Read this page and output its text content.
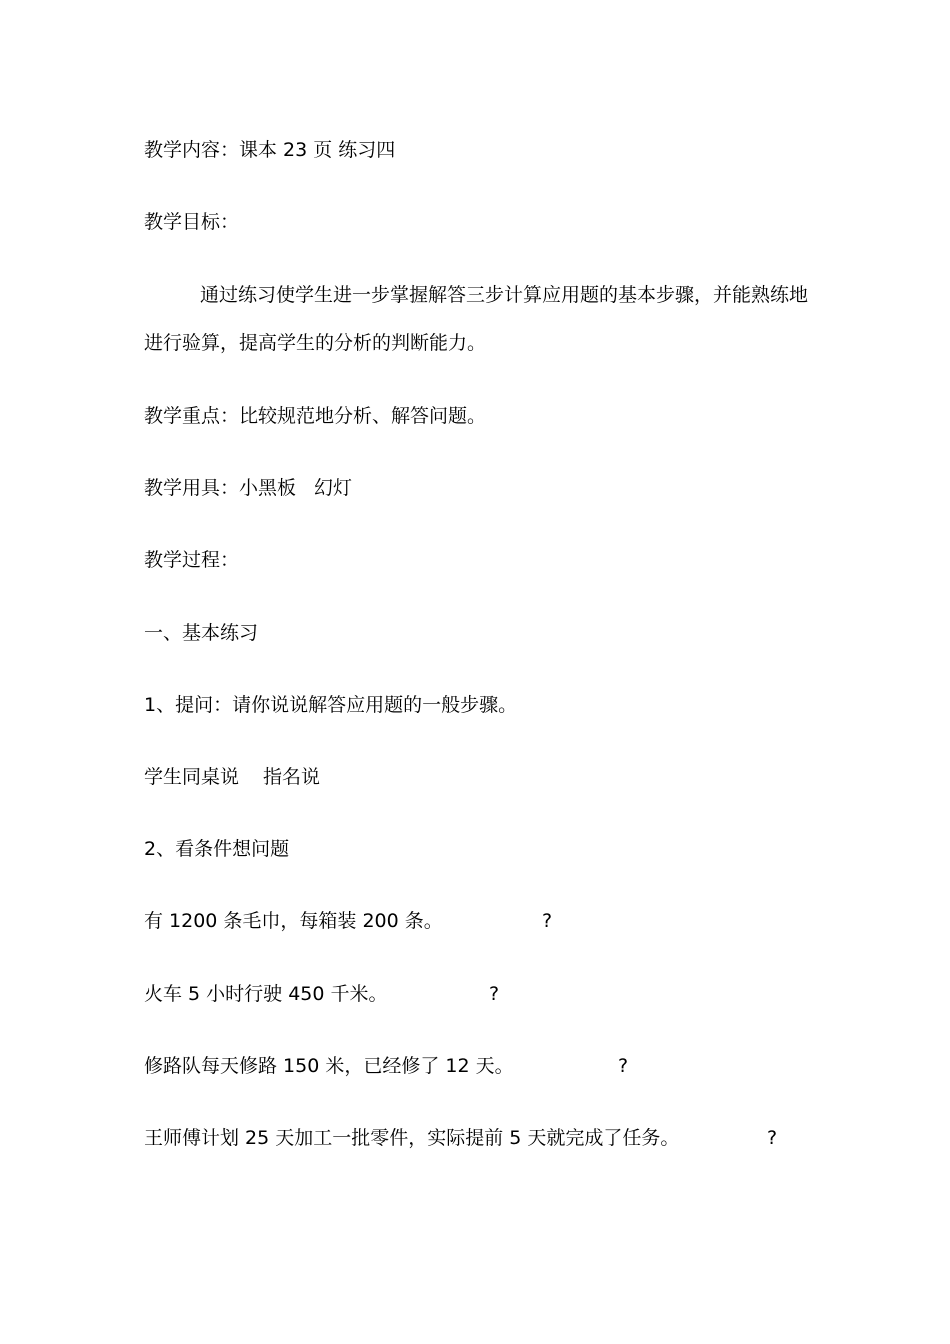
教学内容：课本 23 页 练习四

教学目标：

通过练习使学生进一步掌握解答三步计算应用题的基本步骤，并能熟练地

进行验算，提高学生的分析的判断能力。

教学重点：比较规范地分析、解答问题。

教学用具：小黑板 幻灯

教学过程：

一、基本练习

1、提问：请你说说解答应用题的一般步骤。

学生同桌说 指名说

2、看条件想问题

有 1200 条毛巾，每箱装 200 条。	?

火车 5 小时行驶 450 千米。	?

修路队每天修路 150 米，已经修了 12 天。	?

王师傅计划 25 天加工一批零件，实际提前 5 天就完成了任务。	?
